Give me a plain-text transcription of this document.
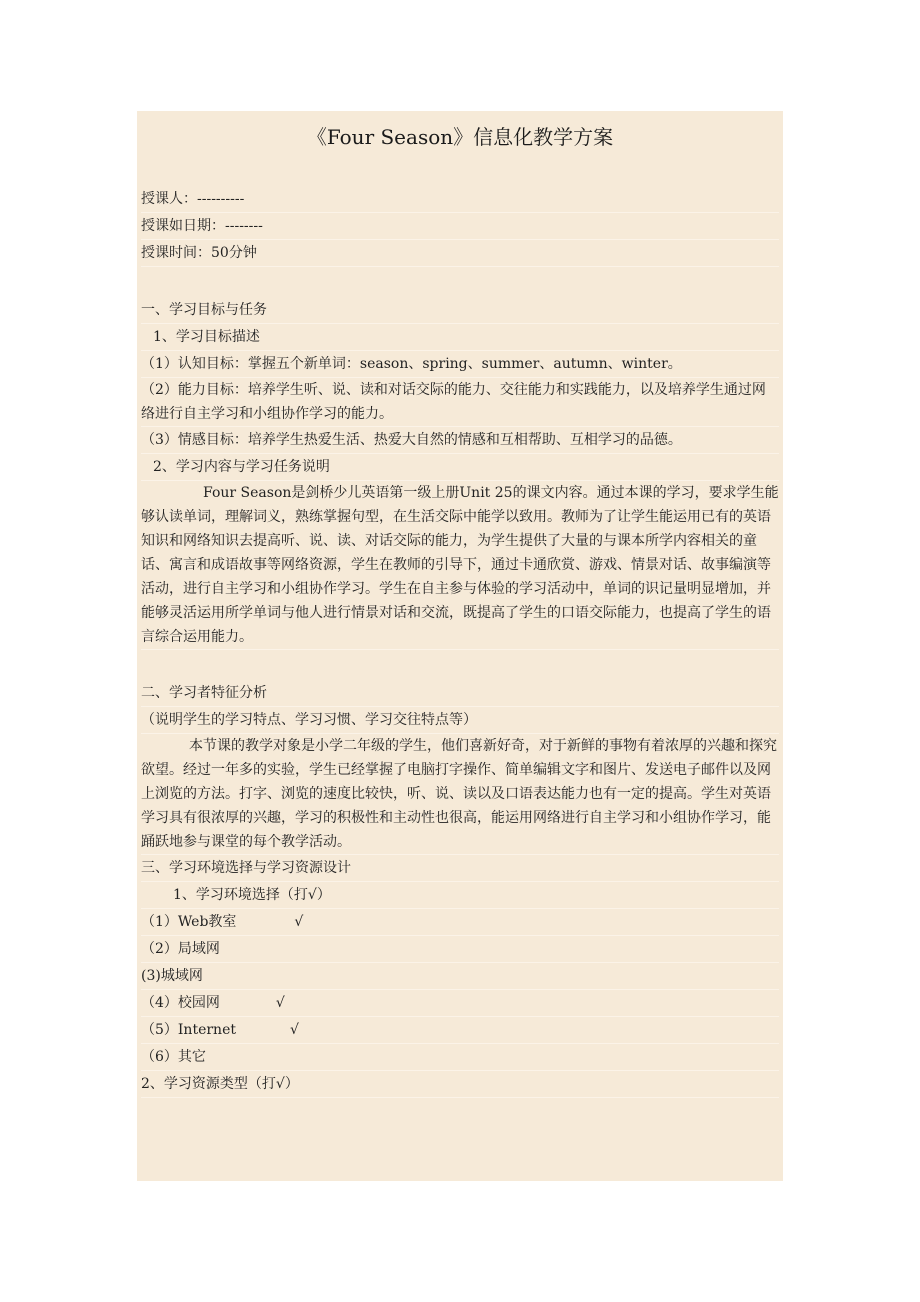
《Four Season》信息化教学方案
授课人：----------
授课如日期：--------
授课时间：50分钟
一、学习目标与任务
1、学习目标描述
（1）认知目标：掌握五个新单词：season、spring、summer、autumn、winter。

（2）能力目标：培养学生听、说、读和对话交际的能力、交往能力和实践能力，以及培养学生通过网络进行自主学习和小组协作学习的能力。

（3）情感目标：培养学生热爱生活、热爱大自然的情感和互相帮助、互相学习的品德。
2、学习内容与学习任务说明

Four Season是剑桥少儿英语第一级上册Unit 25的课文内容。通过本课的学习，要求学生能够认读单词，理解词义，熟练掌握句型，在生活交际中能学以致用。教师为了让学生能运用已有的英语知识和网络知识去提高听、说、读、对话交际的能力，为学生提供了大量的与课本所学内容相关的童话、寓言和成语故事等网络资源，学生在教师的引导下，通过卡通欣赏、游戏、情景对话、故事编演等活动，进行自主学习和小组协作学习。学生在自主参与体验的学习活动中，单词的识记量明显增加，并能够灵活运用所学单词与他人进行情景对话和交流，既提高了学生的口语交际能力，也提高了学生的语言综合运用能力。

二、学习者特征分析
（说明学生的学习特点、学习习惯、学习交往特点等）

本节课的教学对象是小学二年级的学生，他们喜新好奇，对于新鲜的事物有着浓厚的兴趣和探究欲望。经过一年多的实验，学生已经掌握了电脑打字操作、简单编辑文字和图片、发送电子邮件以及网上浏览的方法。打字、浏览的速度比较快，听、说、读以及口语表达能力也有一定的提高。学生对英语学习具有很浓厚的兴趣，学习的积极性和主动性也很高，能运用网络进行自主学习和小组协作学习，能踊跃地参与课堂的每个教学活动。

三、学习环境选择与学习资源设计
1、学习环境选择（打√）
（1）Web教室	√
（2）局域网
(3)城域网
（4）校园网	√
（5）Internet	√
（6）其它
2、学习资源类型（打√）
